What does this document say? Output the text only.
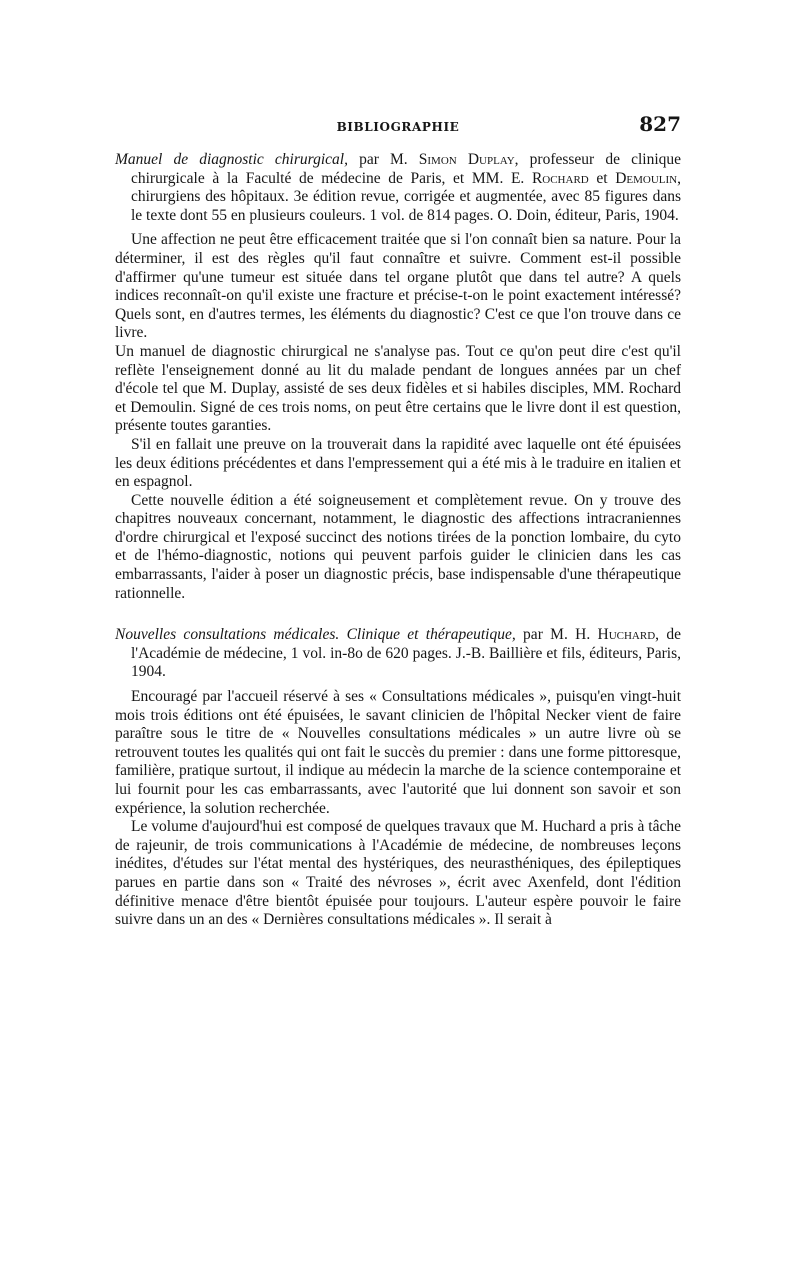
BIBLIOGRAPHIE	827

Manuel de diagnostic chirurgical, par M. Simon Duplay, professeur de clinique chirurgicale à la Faculté de médecine de Paris, et MM. E. Rochard et Demoulin, chirurgiens des hôpitaux. 3e édition revue, corrigée et augmentée, avec 85 figures dans le texte dont 55 en plusieurs couleurs. 1 vol. de 814 pages. O. Doin, éditeur, Paris, 1904.

Une affection ne peut être efficacement traitée que si l'on connaît bien sa nature. Pour la déterminer, il est des règles qu'il faut connaître et suivre. Comment est-il possible d'affirmer qu'une tumeur est située dans tel organe plutôt que dans tel autre? A quels indices reconnaît-on qu'il existe une fracture et précise-t-on le point exactement intéressé? Quels sont, en d'autres termes, les éléments du diagnostic? C'est ce que l'on trouve dans ce livre.

Un manuel de diagnostic chirurgical ne s'analyse pas. Tout ce qu'on peut dire c'est qu'il reflète l'enseignement donné au lit du malade pendant de longues années par un chef d'école tel que M. Duplay, assisté de ses deux fidèles et si habiles disciples, MM. Rochard et Demoulin. Signé de ces trois noms, on peut être certains que le livre dont il est question, présente toutes garanties.

S'il en fallait une preuve on la trouverait dans la rapidité avec laquelle ont été épuisées les deux éditions précédentes et dans l'empressement qui a été mis à le traduire en italien et en espagnol.

Cette nouvelle édition a été soigneusement et complètement revue. On y trouve des chapitres nouveaux concernant, notamment, le diagnostic des affections intracraniennes d'ordre chirurgical et l'exposé succinct des notions tirées de la ponction lombaire, du cyto et de l'hémo-diagnostic, notions qui peuvent parfois guider le clinicien dans les cas embarrassants, l'aider à poser un diagnostic précis, base indispensable d'une thérapeutique rationnelle.

Nouvelles consultations médicales. Clinique et thérapeutique, par M. H. Huchard, de l'Académie de médecine, 1 vol. in-8o de 620 pages. J.-B. Baillière et fils, éditeurs, Paris, 1904.

Encouragé par l'accueil réservé à ses « Consultations médicales », puisqu'en vingt-huit mois trois éditions ont été épuisées, le savant clinicien de l'hôpital Necker vient de faire paraître sous le titre de « Nouvelles consultations médicales » un autre livre où se retrouvent toutes les qualités qui ont fait le succès du premier : dans une forme pittoresque, familière, pratique surtout, il indique au médecin la marche de la science contemporaine et lui fournit pour les cas embarrassants, avec l'autorité que lui donnent son savoir et son expérience, la solution recherchée.

Le volume d'aujourd'hui est composé de quelques travaux que M. Huchard a pris à tâche de rajeunir, de trois communications à l'Académie de médecine, de nombreuses leçons inédites, d'études sur l'état mental des hystériques, des neurasthéniques, des épileptiques parues en partie dans son « Traité des névroses », écrit avec Axenfeld, dont l'édition définitive menace d'être bientôt épuisée pour toujours. L'auteur espère pouvoir le faire suivre dans un an des « Dernières consultations médicales ». Il serait à
